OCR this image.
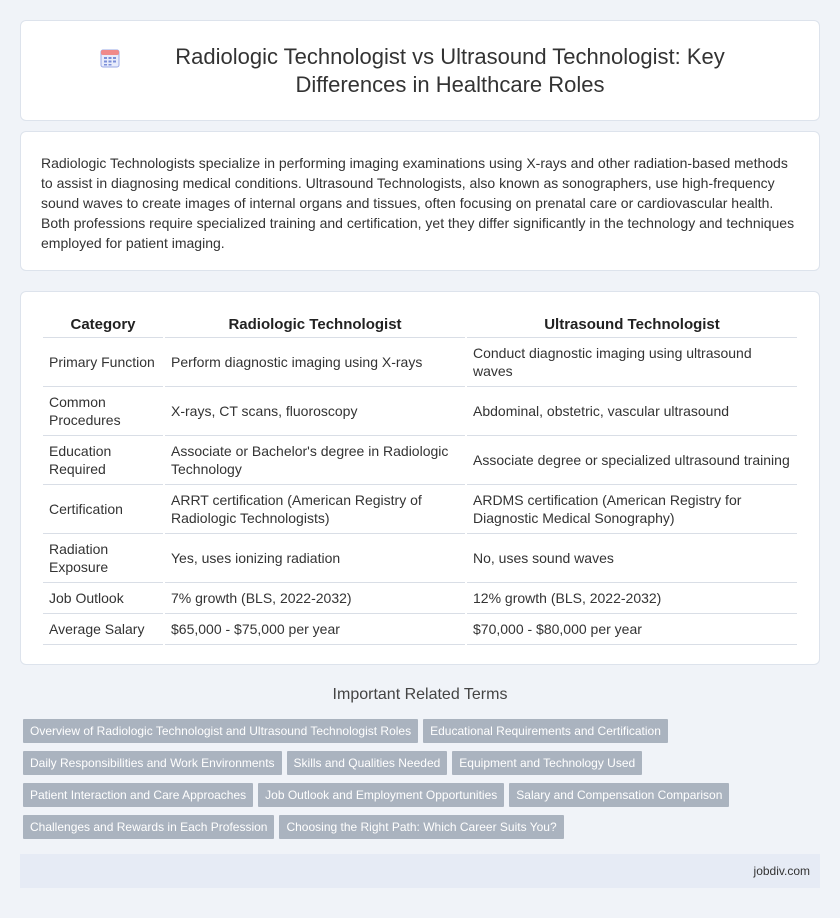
Radiologic Technologist vs Ultrasound Technologist: Key Differences in Healthcare Roles

Radiologic Technologists specialize in performing imaging examinations using X-rays and other radiation-based methods to assist in diagnosing medical conditions. Ultrasound Technologists, also known as sonographers, use high-frequency sound waves to create images of internal organs and tissues, often focusing on prenatal care or cardiovascular health. Both professions require specialized training and certification, yet they differ significantly in the technology and techniques employed for patient imaging.

Category	Radiologic Technologist	Ultrasound Technologist
Primary Function	Perform diagnostic imaging using X-rays	Conduct diagnostic imaging using ultrasound waves
Common Procedures	X-rays, CT scans, fluoroscopy	Abdominal, obstetric, vascular ultrasound
Education Required	Associate or Bachelor's degree in Radiologic Technology	Associate degree or specialized ultrasound training
Certification	ARRT certification (American Registry of Radiologic Technologists)	ARDMS certification (American Registry for Diagnostic Medical Sonography)
Radiation Exposure	Yes, uses ionizing radiation	No, uses sound waves
Job Outlook	7% growth (BLS, 2022-2032)	12% growth (BLS, 2022-2032)
Average Salary	$65,000 - $75,000 per year	$70,000 - $80,000 per year
Important Related Terms
Overview of Radiologic Technologist and Ultrasound Technologist Roles Educational Requirements and Certification
Daily Responsibilities and Work Environments Skills and Qualities Needed Equipment and Technology Used
Patient Interaction and Care Approaches Job Outlook and Employment Opportunities Salary and Compensation Comparison
Challenges and Rewards in Each Profession Choosing the Right Path: Which Career Suits You?
jobdiv.com
